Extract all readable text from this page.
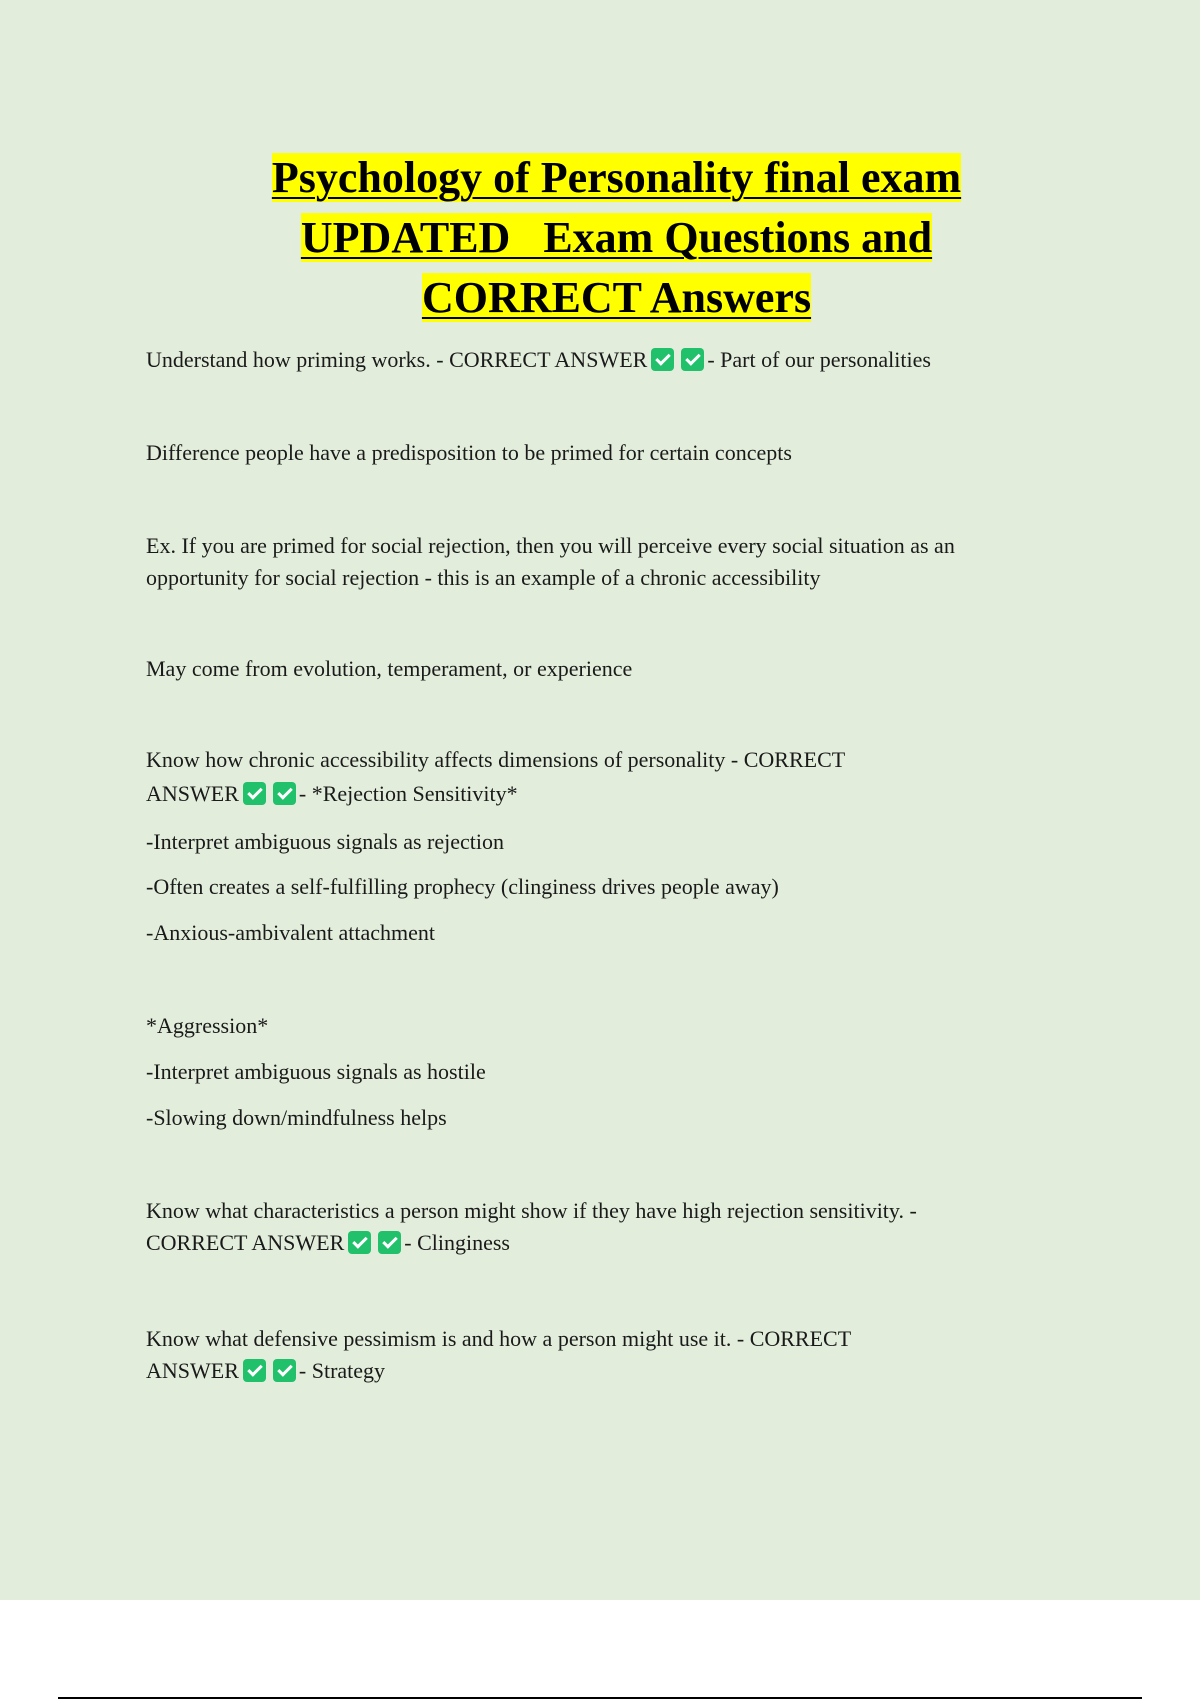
Psychology of Personality final exam
UPDATED   Exam Questions and
CORRECT Answers
Understand how priming works. - CORRECT ANSWER	- Part of our personalities
Difference people have a predisposition to be primed for certain concepts
Ex. If you are primed for social rejection, then you will perceive every social situation as an opportunity for social rejection - this is an example of a chronic accessibility
May come from evolution, temperament, or experience
Know how chronic accessibility affects dimensions of personality - CORRECT
ANSWER	- *Rejection Sensitivity*
-Interpret ambiguous signals as rejection
-Often creates a self-fulfilling prophecy (clinginess drives people away)
-Anxious-ambivalent attachment
*Aggression*
-Interpret ambiguous signals as hostile
-Slowing down/mindfulness helps
Know what characteristics a person might show if they have high rejection sensitivity. -
CORRECT ANSWER	- Clinginess
Know what defensive pessimism is and how a person might use it. - CORRECT
ANSWER	- Strategy
